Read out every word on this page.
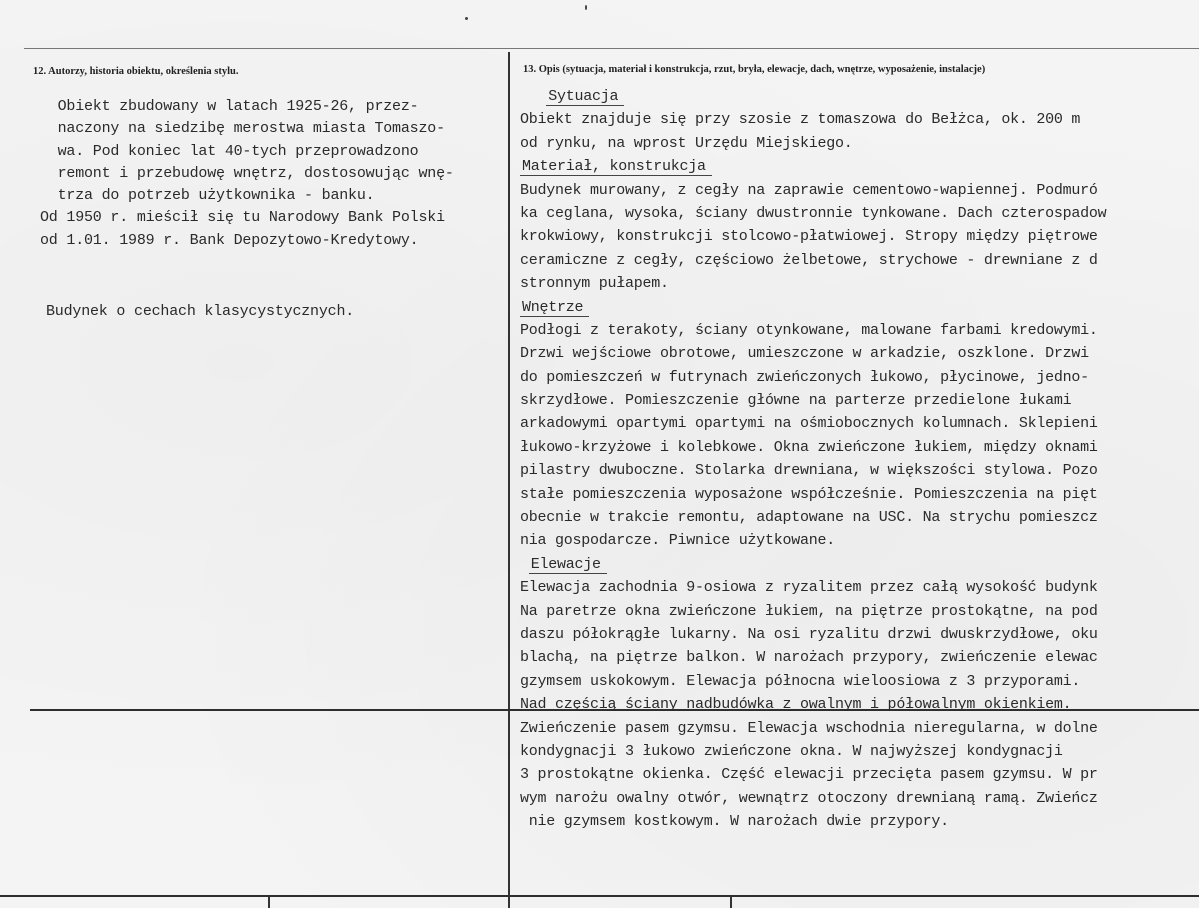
12. Autorzy, historia obiektu, określenia stylu.	13. Opis (sytuacja, materiał i konstrukcja, rzut, bryła, elewacje, dach, wnętrze, wyposażenie, instalacje)
Obiekt zbudowany w latach 1925-26, przez-
naczony na siedzibę merostwa miasta Tomaszo-
wa. Pod koniec lat 40-tych przeprowadzono
remont i przebudowę wnętrz, dostosowując wnę-
trza do potrzeb użytkownika - banku.
Od 1950 r. mieścił się tu Narodowy Bank Polski
od 1.01. 1989 r. Bank Depozytowo-Kredytowy.
Budynek o cechach klasycystycznych.
Sytuacja
Obiekt znajduje się przy szosie z tomaszowa do Bełżca, ok. 200 m
od rynku, na wprost Urzędu Miejskiego.
Materiał, konstrukcja
Budynek murowany, z cegły na zaprawie cementowo-wapiennej. Podmuró
ka ceglana, wysoka, ściany dwustronnie tynkowane. Dach czterospadow
krokwiowy, konstrukcji stolcowo-płatwiowej. Stropy między piętrowe
ceramiczne z cegły, częściowo żelbetowe, strychowe - drewniane z d
stronnym pułapem.
Wnętrze
Podłogi z terakoty, ściany otynkowane, malowane farbami kredowymi.
Drzwi wejściowe obrotowe, umieszczone w arkadzie, oszklone. Drzwi
do pomieszczeń w futrynach zwieńczonych łukowo, płycinowe, jedno-
skrzydłowe. Pomieszczenie główne na parterze przedielone łukami
arkadowymi opartymi opartymi na ośmiobocznych kolumnach. Sklepieni
łukowo-krzyżowe i kolebkowe. Okna zwieńczone łukiem, między oknami
pilastry dwuboczne. Stolarka drewniana, w większości stylowa. Pozo
stałe pomieszczenia wyposażone współcześnie. Pomieszczenia na pięt
obecnie w trakcie remontu, adaptowane na USC. Na strychu pomieszcz
nia gospodarcze. Piwnice użytkowane.
Elewacje
Elewacja zachodnia 9-osiowa z ryzalitem przez całą wysokość budynk
Na paretrze okna zwieńczone łukiem, na piętrze prostokątne, na pod
daszu półokrągłe lukarny. Na osi ryzalitu drzwi dwuskrzydłowe, oku
blachą, na piętrze balkon. W narożach przypory, zwieńczenie elewac
gzymsem uskokowym. Elewacja północna wieloosiowa z 3 przyporami.
Nad częścią ściany nadbudówka z owalnym i półowalnym okienkiem.
Zwieńczenie pasem gzymsu. Elewacja wschodnia nieregularna, w dolne
kondygnacji 3 łukowo zwieńczone okna. W najwyższej kondygnacji
3 prostokątne okienka. Część elewacji przecięta pasem gzymsu. W pr
wym narożu owalny otwór, wewnątrz otoczony drewnianą ramą. Zwieńcz
nie gzymsem kostkowym. W narożach dwie przypory.
